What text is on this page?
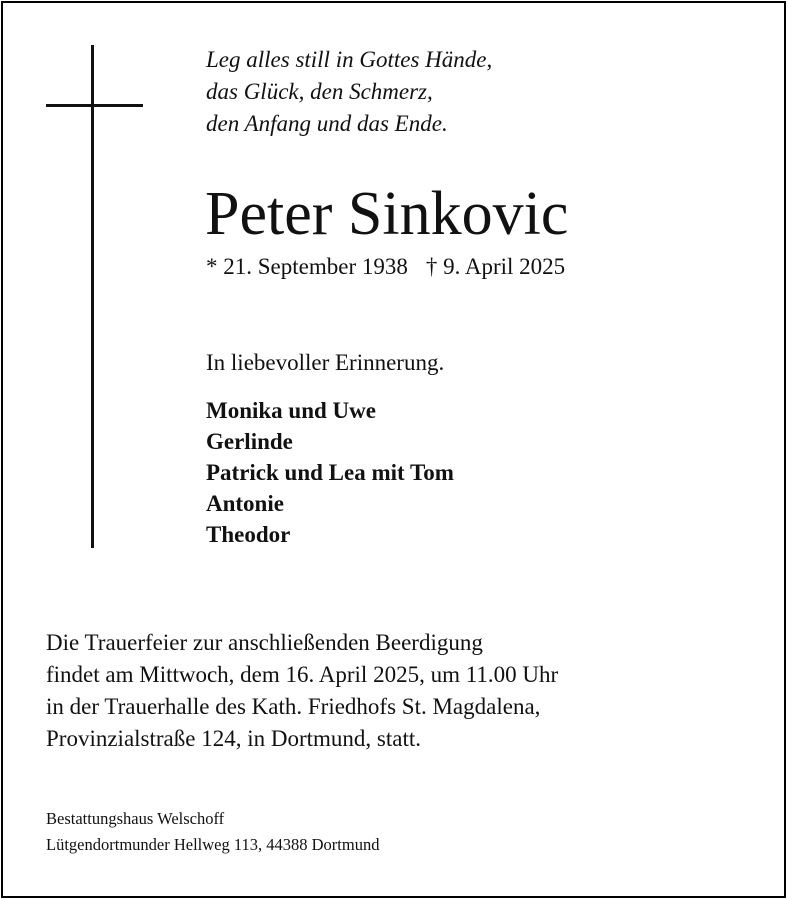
Leg alles still in Gottes Hände,
das Glück, den Schmerz,
den Anfang und das Ende.

Peter Sinkovic
* 21. September 1938 † 9. April 2025
In liebevoller Erinnerung.
Monika und Uwe
Gerlinde
Patrick und Lea mit Tom
Antonie
Theodor

Die Trauerfeier zur anschließenden Beerdigung
findet am Mittwoch, dem 16. April 2025, um 11.00 Uhr
in der Trauerhalle des Kath. Friedhofs St. Magdalena,
Provinzialstraße 124, in Dortmund, statt.

Bestattungshaus Welschoff
Lütgendortmunder Hellweg 113, 44388 Dortmund
